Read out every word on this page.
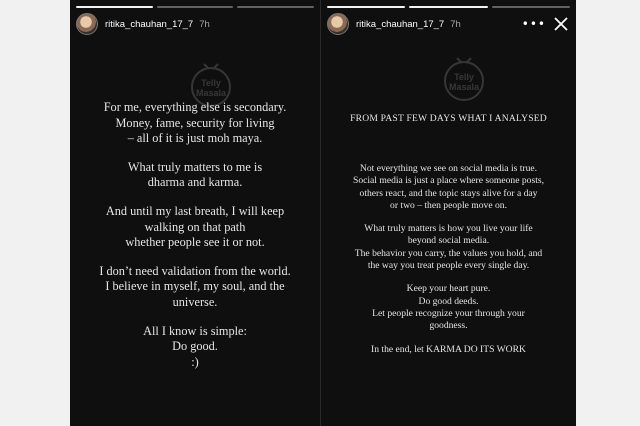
ritika_chauhan_17_7 7h
Telly
Masala

For me, everything else is secondary.
Money, fame, security for living
– all of it is just moh maya.

What truly matters to me is
dharma and karma.

And until my last breath, I will keep
walking on that path
whether people see it or not.

I don’t need validation from the world.
I believe in myself, my soul, and the
universe.

All I know is simple:
Do good.
:)

ritika_chauhan_17_7 7h	•••
Telly
Masala
FROM PAST FEW DAYS WHAT I ANALYSED

Not everything we see on social media is true.
Social media is just a place where someone posts,
others react, and the topic stays alive for a day
or two – then people move on.

What truly matters is how you live your life
beyond social media.
The behavior you carry, the values you hold, and
the way you treat people every single day.

Keep your heart pure.
Do good deeds.
Let people recognize your through your
goodness.

In the end, let KARMA DO ITS WORK
